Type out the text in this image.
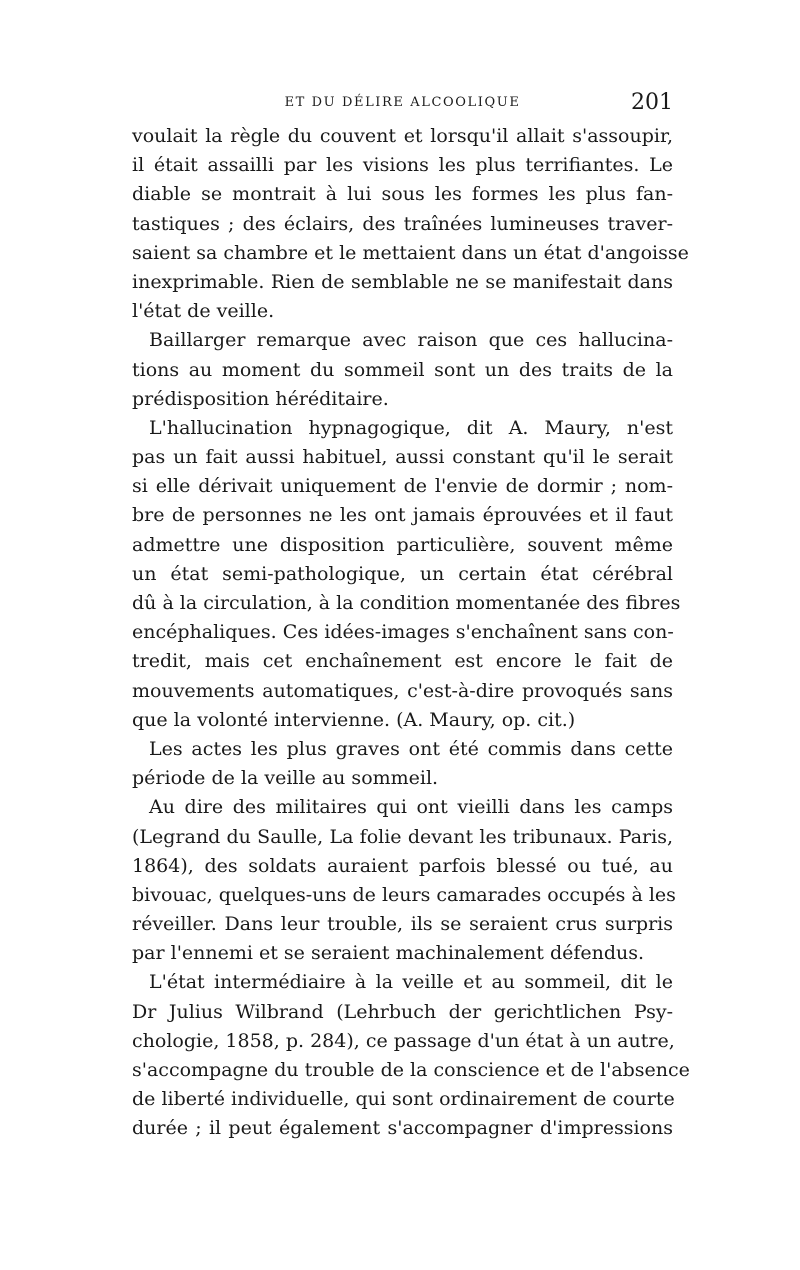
ET DU DÉLIRE ALCOOLIQUE	201
voulait la règle du couvent et lorsqu'il allait s'assoupir,
il était assailli par les visions les plus terrifiantes. Le
diable se montrait à lui sous les formes les plus fan-
tastiques ; des éclairs, des traînées lumineuses traver-
saient sa chambre et le mettaient dans un état d'angoisse
inexprimable. Rien de semblable ne se manifestait dans
l'état de veille.
Baillarger remarque avec raison que ces hallucina-
tions au moment du sommeil sont un des traits de la
prédisposition héréditaire.
L'hallucination hypnagogique, dit A. Maury, n'est
pas un fait aussi habituel, aussi constant qu'il le serait
si elle dérivait uniquement de l'envie de dormir ; nom-
bre de personnes ne les ont jamais éprouvées et il faut
admettre une disposition particulière, souvent même
un état semi-pathologique, un certain état cérébral
dû à la circulation, à la condition momentanée des fibres
encéphaliques. Ces idées-images s'enchaînent sans con-
tredit, mais cet enchaînement est encore le fait de
mouvements automatiques, c'est-à-dire provoqués sans
que la volonté intervienne. (A. Maury, op. cit.)
Les actes les plus graves ont été commis dans cette
période de la veille au sommeil.
Au dire des militaires qui ont vieilli dans les camps
(Legrand du Saulle, La folie devant les tribunaux. Paris,
1864), des soldats auraient parfois blessé ou tué, au
bivouac, quelques-uns de leurs camarades occupés à les
réveiller. Dans leur trouble, ils se seraient crus surpris
par l'ennemi et se seraient machinalement défendus.
L'état intermédiaire à la veille et au sommeil, dit le
Dr Julius Wilbrand (Lehrbuch der gerichtlichen Psy-
chologie, 1858, p. 284), ce passage d'un état à un autre,
s'accompagne du trouble de la conscience et de l'absence
de liberté individuelle, qui sont ordinairement de courte
durée ; il peut également s'accompagner d'impressions
